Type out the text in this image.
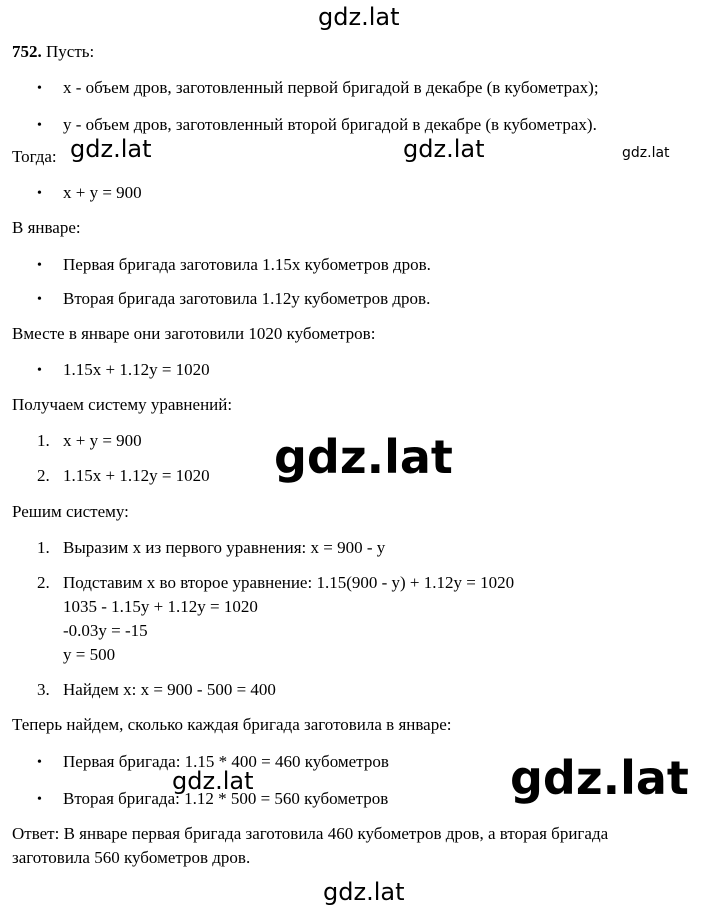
gdz.lat
752. Пусть:
• x - объем дров, заготовленный первой бригадой в декабре (в кубометрах);
• y - объем дров, заготовленный второй бригадой в декабре (в кубометрах).
Тогда: gdz.lat	gdz.lat	gdz.lat
• x + y = 900
В январе:
• Первая бригада заготовила 1.15x кубометров дров.
• Вторая бригада заготовила 1.12y кубометров дров.
Вместе в январе они заготовили 1020 кубометров:
• 1.15x + 1.12y = 1020
Получаем систему уравнений:
1. x + y = 900
2. 1.15x + 1.12y = 1020 gdz.lat
Решим систему:
1. Выразим x из первого уравнения: x = 900 - y
2. Подставим x во второе уравнение: 1.15(900 - y) + 1.12y = 1020
1035 - 1.15y + 1.12y = 1020
-0.03y = -15
y = 500
3. Найдем x: x = 900 - 500 = 400
Теперь найдем, сколько каждая бригада заготовила в январе:
• Первая бригада: 1.15 * 400 = 460 кубометров
• Вторая бригада: 1.12 * 500 = 560 кубометров
gdz.lat	gdz.lat
Ответ: В январе первая бригада заготовила 460 кубометров дров, а вторая бригада
заготовила 560 кубометров дров.
gdz.lat
